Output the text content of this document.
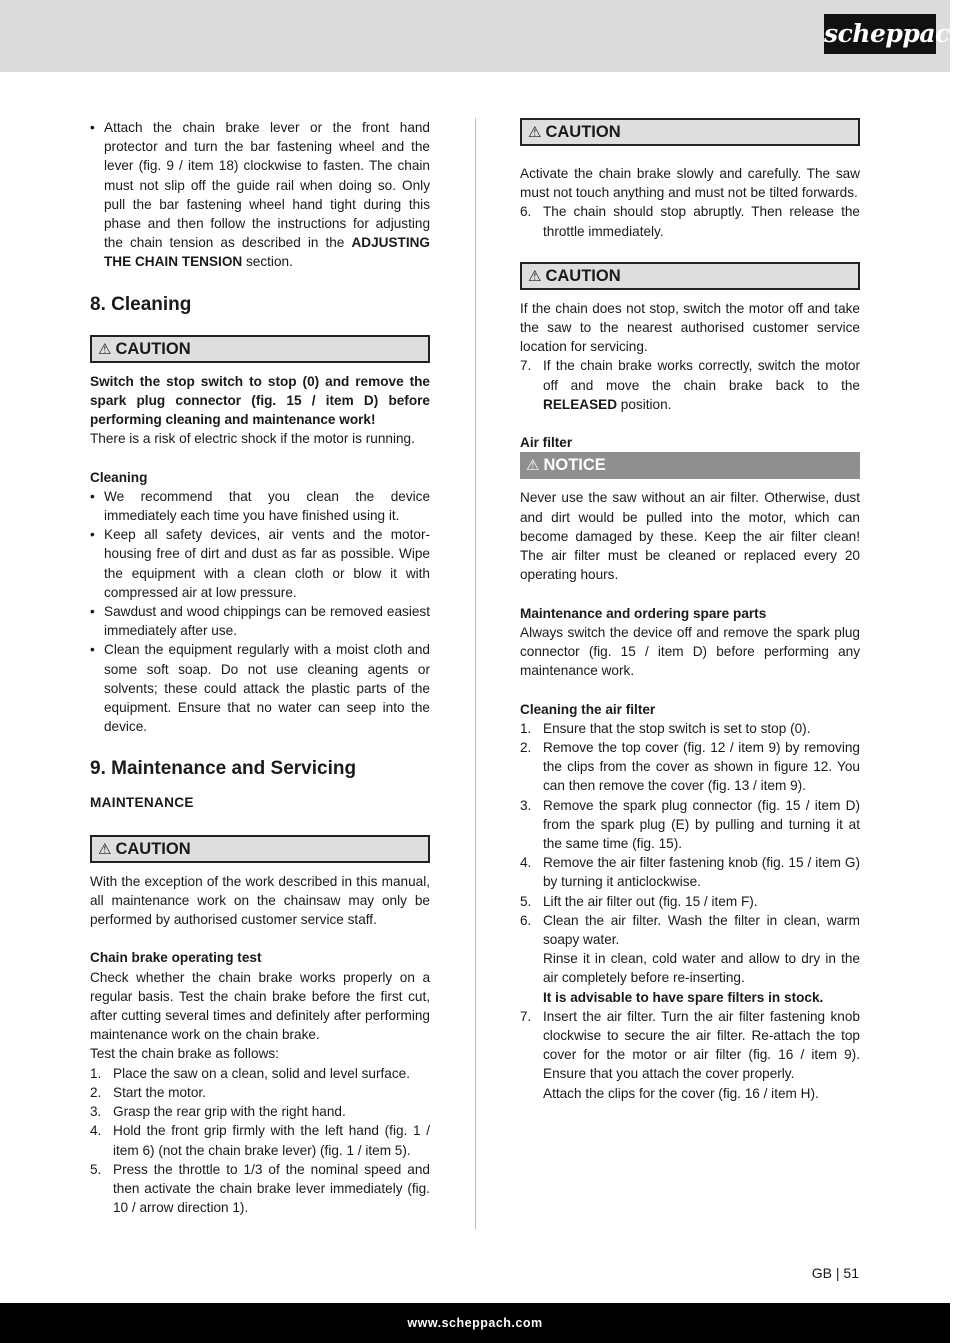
scheppach

• Attach the chain brake lever or the front hand protector and turn the bar fastening wheel and the lever (fig. 9 / item 18) clockwise to fasten. The chain must not slip off the guide rail when doing so. Only pull the bar fastening wheel hand tight during this phase and then follow the instructions for adjusting the chain tension as described in the ADJUSTING THE CHAIN TENSION section.

8. Cleaning
⚠ CAUTION

Switch the stop switch to stop (0) and remove the spark plug connector (fig. 15 / item D) before performing cleaning and maintenance work!

There is a risk of electric shock if the motor is running.

Cleaning

• We recommend that you clean the device immediately each time you have finished using it.

• Keep all safety devices, air vents and the motor-housing free of dirt and dust as far as possible. Wipe the equipment with a clean cloth or blow it with compressed air at low pressure.

• Sawdust and wood chippings can be removed easiest immediately after use.

• Clean the equipment regularly with a moist cloth and some soft soap. Do not use cleaning agents or solvents; these could attack the plastic parts of the equipment. Ensure that no water can seep into the device.

9. Maintenance and Servicing

MAINTENANCE

⚠ CAUTION

With the exception of the work described in this manual, all maintenance work on the chainsaw may only be performed by authorised customer service staff.

Chain brake operating test

Check whether the chain brake works properly on a regular basis. Test the chain brake before the first cut, after cutting several times and definitely after performing maintenance work on the chain brake.

Test the chain brake as follows:

1. Place the saw on a clean, solid and level surface.

2. Start the motor.

3. Grasp the rear grip with the right hand.

4. Hold the front grip firmly with the left hand (fig. 1 / item 6) (not the chain brake lever) (fig. 1 / item 5).

5. Press the throttle to 1/3 of the nominal speed and then activate the chain brake lever immediately (fig. 10 / arrow direction 1).

⚠ CAUTION

Activate the chain brake slowly and carefully. The saw must not touch anything and must not be tilted forwards.

6. The chain should stop abruptly. Then release the throttle immediately.

⚠ CAUTION

If the chain does not stop, switch the motor off and take the saw to the nearest authorised customer service location for servicing.

7. If the chain brake works correctly, switch the motor off and move the chain brake back to the RELEASED position.

Air filter

⚠ NOTICE

Never use the saw without an air filter. Otherwise, dust and dirt would be pulled into the motor, which can become damaged by these. Keep the air filter clean! The air filter must be cleaned or replaced every 20 operating hours.

Maintenance and ordering spare parts

Always switch the device off and remove the spark plug connector (fig. 15 / item D) before performing any maintenance work.

Cleaning the air filter

1. Ensure that the stop switch is set to stop (0).

2. Remove the top cover (fig. 12 / item 9) by removing the clips from the cover as shown in figure 12. You can then remove the cover (fig. 13 / item 9).

3. Remove the spark plug connector (fig. 15 / item D) from the spark plug (E) by pulling and turning it at the same time (fig. 15).

4. Remove the air filter fastening knob (fig. 15 / item G) by turning it anticlockwise.

5. Lift the air filter out (fig. 15 / item F).

6. Clean the air filter. Wash the filter in clean, warm soapy water.

Rinse it in clean, cold water and allow to dry in the air completely before re-inserting.

It is advisable to have spare filters in stock.

7. Insert the air filter. Turn the air filter fastening knob clockwise to secure the air filter. Re-attach the top cover for the motor or air filter (fig. 16 / item 9). Ensure that you attach the cover properly.

Attach the clips for the cover (fig. 16 / item H).

GB | 51
www.scheppach.com
